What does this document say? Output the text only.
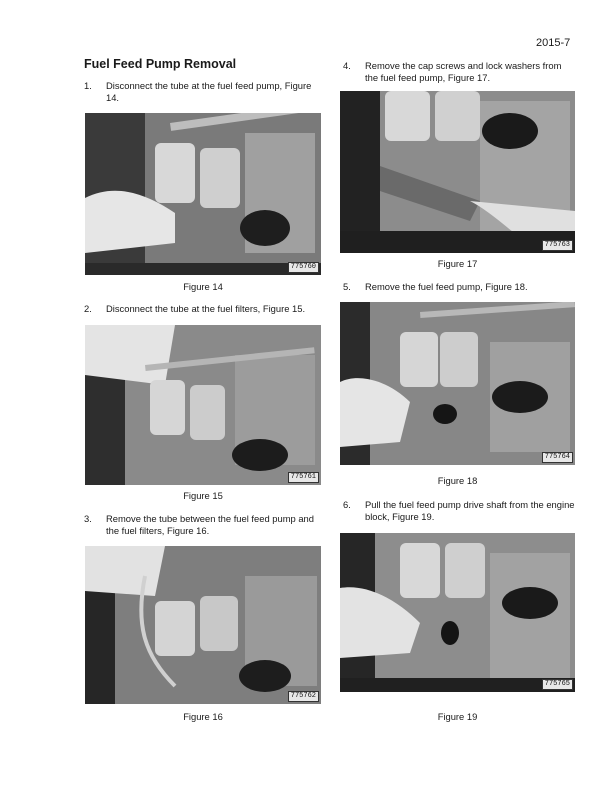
2015-7
Fuel Feed Pump Removal
1. Disconnect the tube at the fuel feed pump, Figure 14.
775760
Figure 14
2. Disconnect the tube at the fuel filters, Figure 15.
775761
Figure 15
3. Remove the tube between the fuel feed pump and the fuel filters, Figure 16.
775762
Figure 16
4. Remove the cap screws and lock washers from the fuel feed pump, Figure 17.
775763
Figure 17
5. Remove the fuel feed pump, Figure 18.
775764
Figure 18
6. Pull the fuel feed pump drive shaft from the engine block, Figure 19.
775765
Figure 19
